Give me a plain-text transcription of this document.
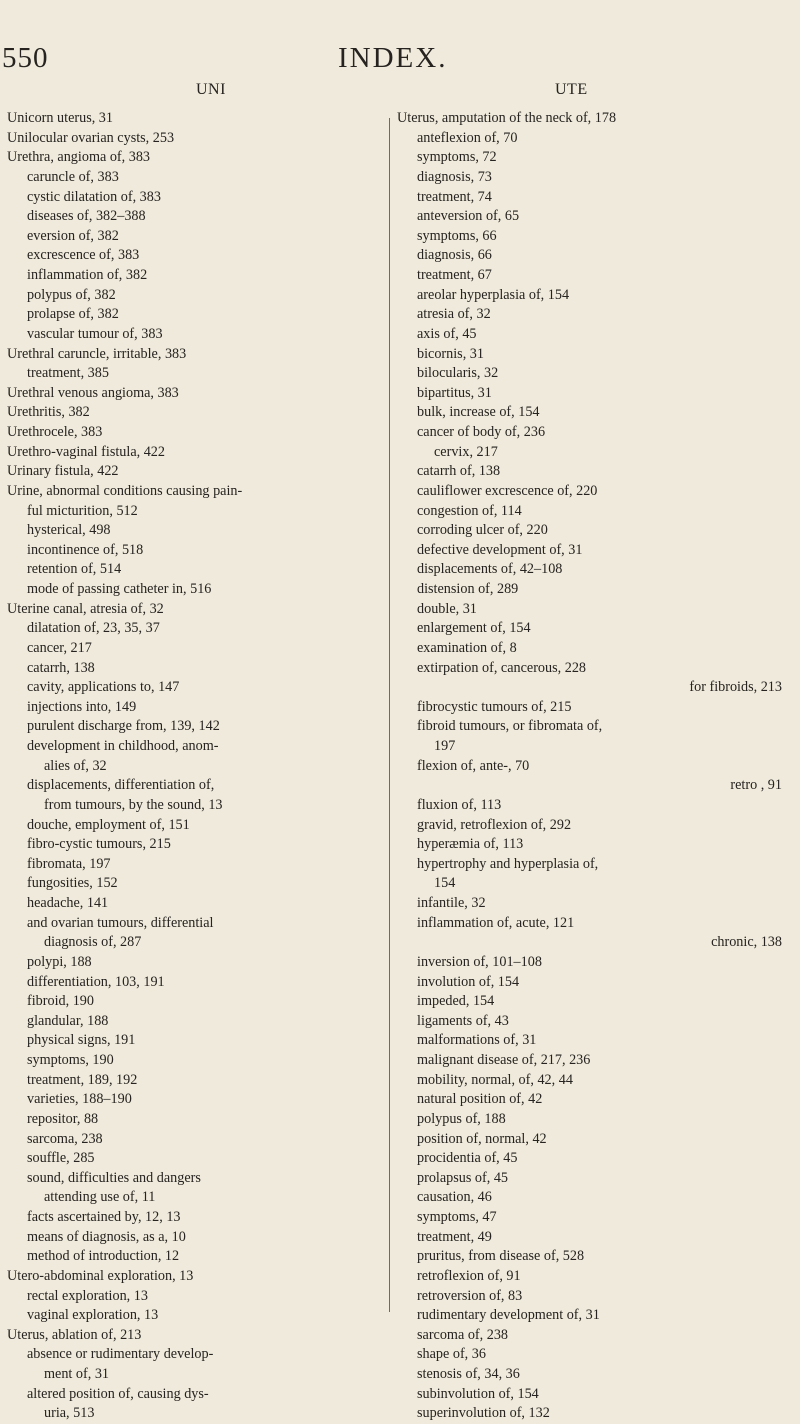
550	INDEX.
UNI	UTE
Unicorn uterus, 31
Unilocular ovarian cysts, 253
Urethra, angioma of, 383
caruncle of, 383
cystic dilatation of, 383
diseases of, 382–388
eversion of, 382
excrescence of, 383
inflammation of, 382
polypus of, 382
prolapse of, 382
vascular tumour of, 383
Urethral caruncle, irritable, 383
treatment, 385
Urethral venous angioma, 383
Urethritis, 382
Urethrocele, 383
Urethro-vaginal fistula, 422
Urinary fistula, 422
Urine, abnormal conditions causing pain-
ful micturition, 512
hysterical, 498
incontinence of, 518
retention of, 514
mode of passing catheter in, 516
Uterine canal, atresia of, 32
dilatation of, 23, 35, 37
cancer, 217
catarrh, 138
cavity, applications to, 147
injections into, 149
purulent discharge from, 139, 142
development in childhood, anom-
alies of, 32
displacements, differentiation of,
from tumours, by the sound, 13
douche, employment of, 151
fibro-cystic tumours, 215
fibromata, 197
fungosities, 152
headache, 141
and ovarian tumours, differential
diagnosis of, 287
polypi, 188
differentiation, 103, 191
fibroid, 190
glandular, 188
physical signs, 191
symptoms, 190
treatment, 189, 192
varieties, 188–190
repositor, 88
sarcoma, 238
souffle, 285
sound, difficulties and dangers
attending use of, 11
facts ascertained by, 12, 13
means of diagnosis, as a, 10
method of introduction, 12
Utero-abdominal exploration, 13
rectal exploration, 13
vaginal exploration, 13
Uterus, ablation of, 213
absence or rudimentary develop-
ment of, 31
altered position of, causing dys-
uria, 513
Uterus, amputation of the neck of, 178
anteflexion of, 70
symptoms, 72
diagnosis, 73
treatment, 74
anteversion of, 65
symptoms, 66
diagnosis, 66
treatment, 67
areolar hyperplasia of, 154
atresia of, 32
axis of, 45
bicornis, 31
bilocularis, 32
bipartitus, 31
bulk, increase of, 154
cancer of body of, 236
cervix, 217
catarrh of, 138
cauliflower excrescence of, 220
congestion of, 114
corroding ulcer of, 220
defective development of, 31
displacements of, 42–108
distension of, 289
double, 31
enlargement of, 154
examination of, 8
extirpation of, cancerous, 228
for fibroids, 213
fibrocystic tumours of, 215
fibroid tumours, or fibromata of,
197
flexion of, ante-, 70
retro , 91
fluxion of, 113
gravid, retroflexion of, 292
hyperæmia of, 113
hypertrophy and hyperplasia of,
154
infantile, 32
inflammation of, acute, 121
chronic, 138
inversion of, 101–108
involution of, 154
impeded, 154
ligaments of, 43
malformations of, 31
malignant disease of, 217, 236
mobility, normal, of, 42, 44
natural position of, 42
polypus of, 188
position of, normal, 42
procidentia of, 45
prolapsus of, 45
causation, 46
symptoms, 47
treatment, 49
pruritus, from disease of, 528
retroflexion of, 91
retroversion of, 83
rudimentary development of, 31
sarcoma of, 238
shape of, 36
stenosis of, 34, 36
subinvolution of, 154
superinvolution of, 132
